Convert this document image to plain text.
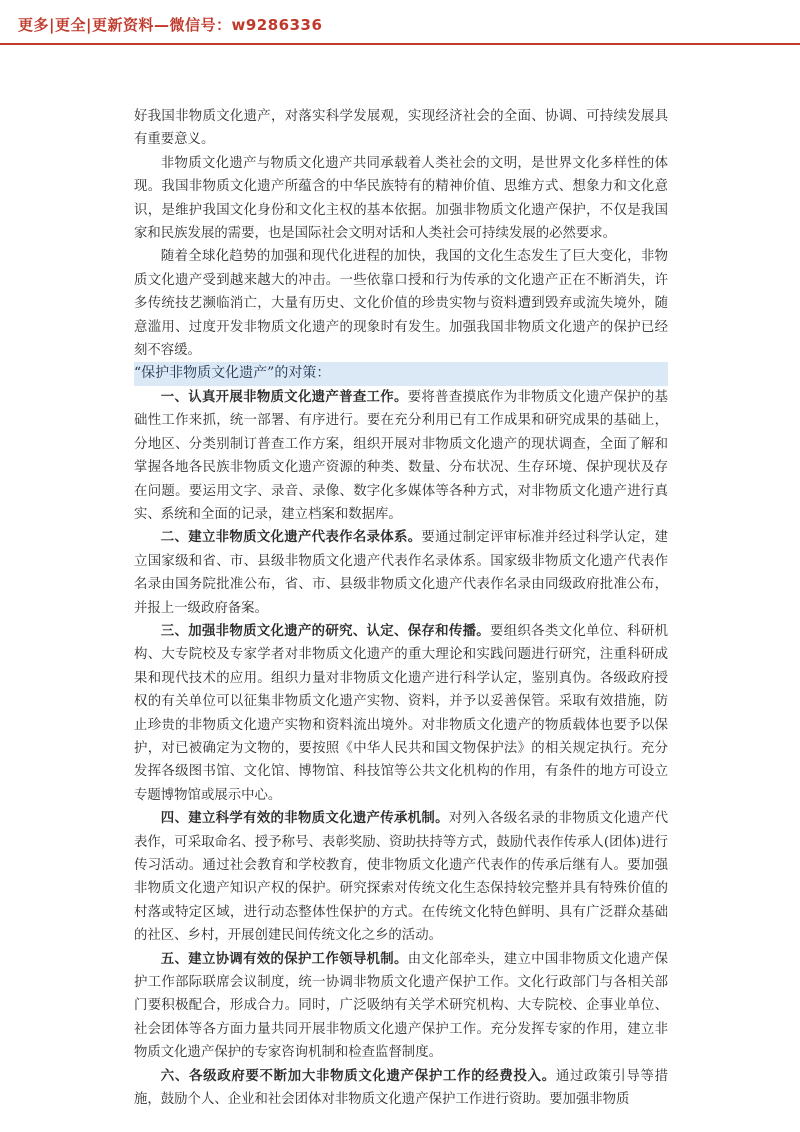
更多|更全|更新资料—微信号：w9286336

好我国非物质文化遗产，对落实科学发展观，实现经济社会的全面、协调、可持续发展具有重要意义。

非物质文化遗产与物质文化遗产共同承载着人类社会的文明，是世界文化多样性的体现。我国非物质文化遗产所蕴含的中华民族特有的精神价值、思维方式、想象力和文化意识，是维护我国文化身份和文化主权的基本依据。加强非物质文化遗产保护，不仅是我国家和民族发展的需要，也是国际社会文明对话和人类社会可持续发展的必然要求。

随着全球化趋势的加强和现代化进程的加快，我国的文化生态发生了巨大变化，非物质文化遗产受到越来越大的冲击。一些依靠口授和行为传承的文化遗产正在不断消失，许多传统技艺濒临消亡，大量有历史、文化价值的珍贵实物与资料遭到毁弃或流失境外，随意滥用、过度开发非物质文化遗产的现象时有发生。加强我国非物质文化遗产的保护已经刻不容缓。

“保护非物质文化遗产”的对策：

一、认真开展非物质文化遗产普查工作。要将普查摸底作为非物质文化遗产保护的基础性工作来抓，统一部署、有序进行。要在充分利用已有工作成果和研究成果的基础上，分地区、分类别制订普查工作方案，组织开展对非物质文化遗产的现状调查，全面了解和掌握各地各民族非物质文化遗产资源的种类、数量、分布状况、生存环境、保护现状及存在问题。要运用文字、录音、录像、数字化多媒体等各种方式，对非物质文化遗产进行真实、系统和全面的记录，建立档案和数据库。

二、建立非物质文化遗产代表作名录体系。要通过制定评审标准并经过科学认定，建立国家级和省、市、县级非物质文化遗产代表作名录体系。国家级非物质文化遗产代表作名录由国务院批准公布，省、市、县级非物质文化遗产代表作名录由同级政府批准公布，并报上一级政府备案。

三、加强非物质文化遗产的研究、认定、保存和传播。要组织各类文化单位、科研机构、大专院校及专家学者对非物质文化遗产的重大理论和实践问题进行研究，注重科研成果和现代技术的应用。组织力量对非物质文化遗产进行科学认定，鉴别真伪。各级政府授权的有关单位可以征集非物质文化遗产实物、资料，并予以妥善保管。采取有效措施，防止珍贵的非物质文化遗产实物和资料流出境外。对非物质文化遗产的物质载体也要予以保护，对已被确定为文物的，要按照《中华人民共和国文物保护法》的相关规定执行。充分发挥各级图书馆、文化馆、博物馆、科技馆等公共文化机构的作用，有条件的地方可设立专题博物馆或展示中心。

四、建立科学有效的非物质文化遗产传承机制。对列入各级名录的非物质文化遗产代表作，可采取命名、授予称号、表彰奖励、资助扶持等方式，鼓励代表作传承人(团体)进行传习活动。通过社会教育和学校教育，使非物质文化遗产代表作的传承后继有人。要加强非物质文化遗产知识产权的保护。研究探索对传统文化生态保持较完整并具有特殊价值的村落或特定区域，进行动态整体性保护的方式。在传统文化特色鲜明、具有广泛群众基础的社区、乡村，开展创建民间传统文化之乡的活动。

五、建立协调有效的保护工作领导机制。由文化部牵头，建立中国非物质文化遗产保护工作部际联席会议制度，统一协调非物质文化遗产保护工作。文化行政部门与各相关部门要积极配合，形成合力。同时，广泛吸纳有关学术研究机构、大专院校、企事业单位、社会团体等各方面力量共同开展非物质文化遗产保护工作。充分发挥专家的作用，建立非物质文化遗产保护的专家咨询机制和检查监督制度。

六、各级政府要不断加大非物质文化遗产保护工作的经费投入。通过政策引导等措施，鼓励个人、企业和社会团体对非物质文化遗产保护工作进行资助。要加强非物质
